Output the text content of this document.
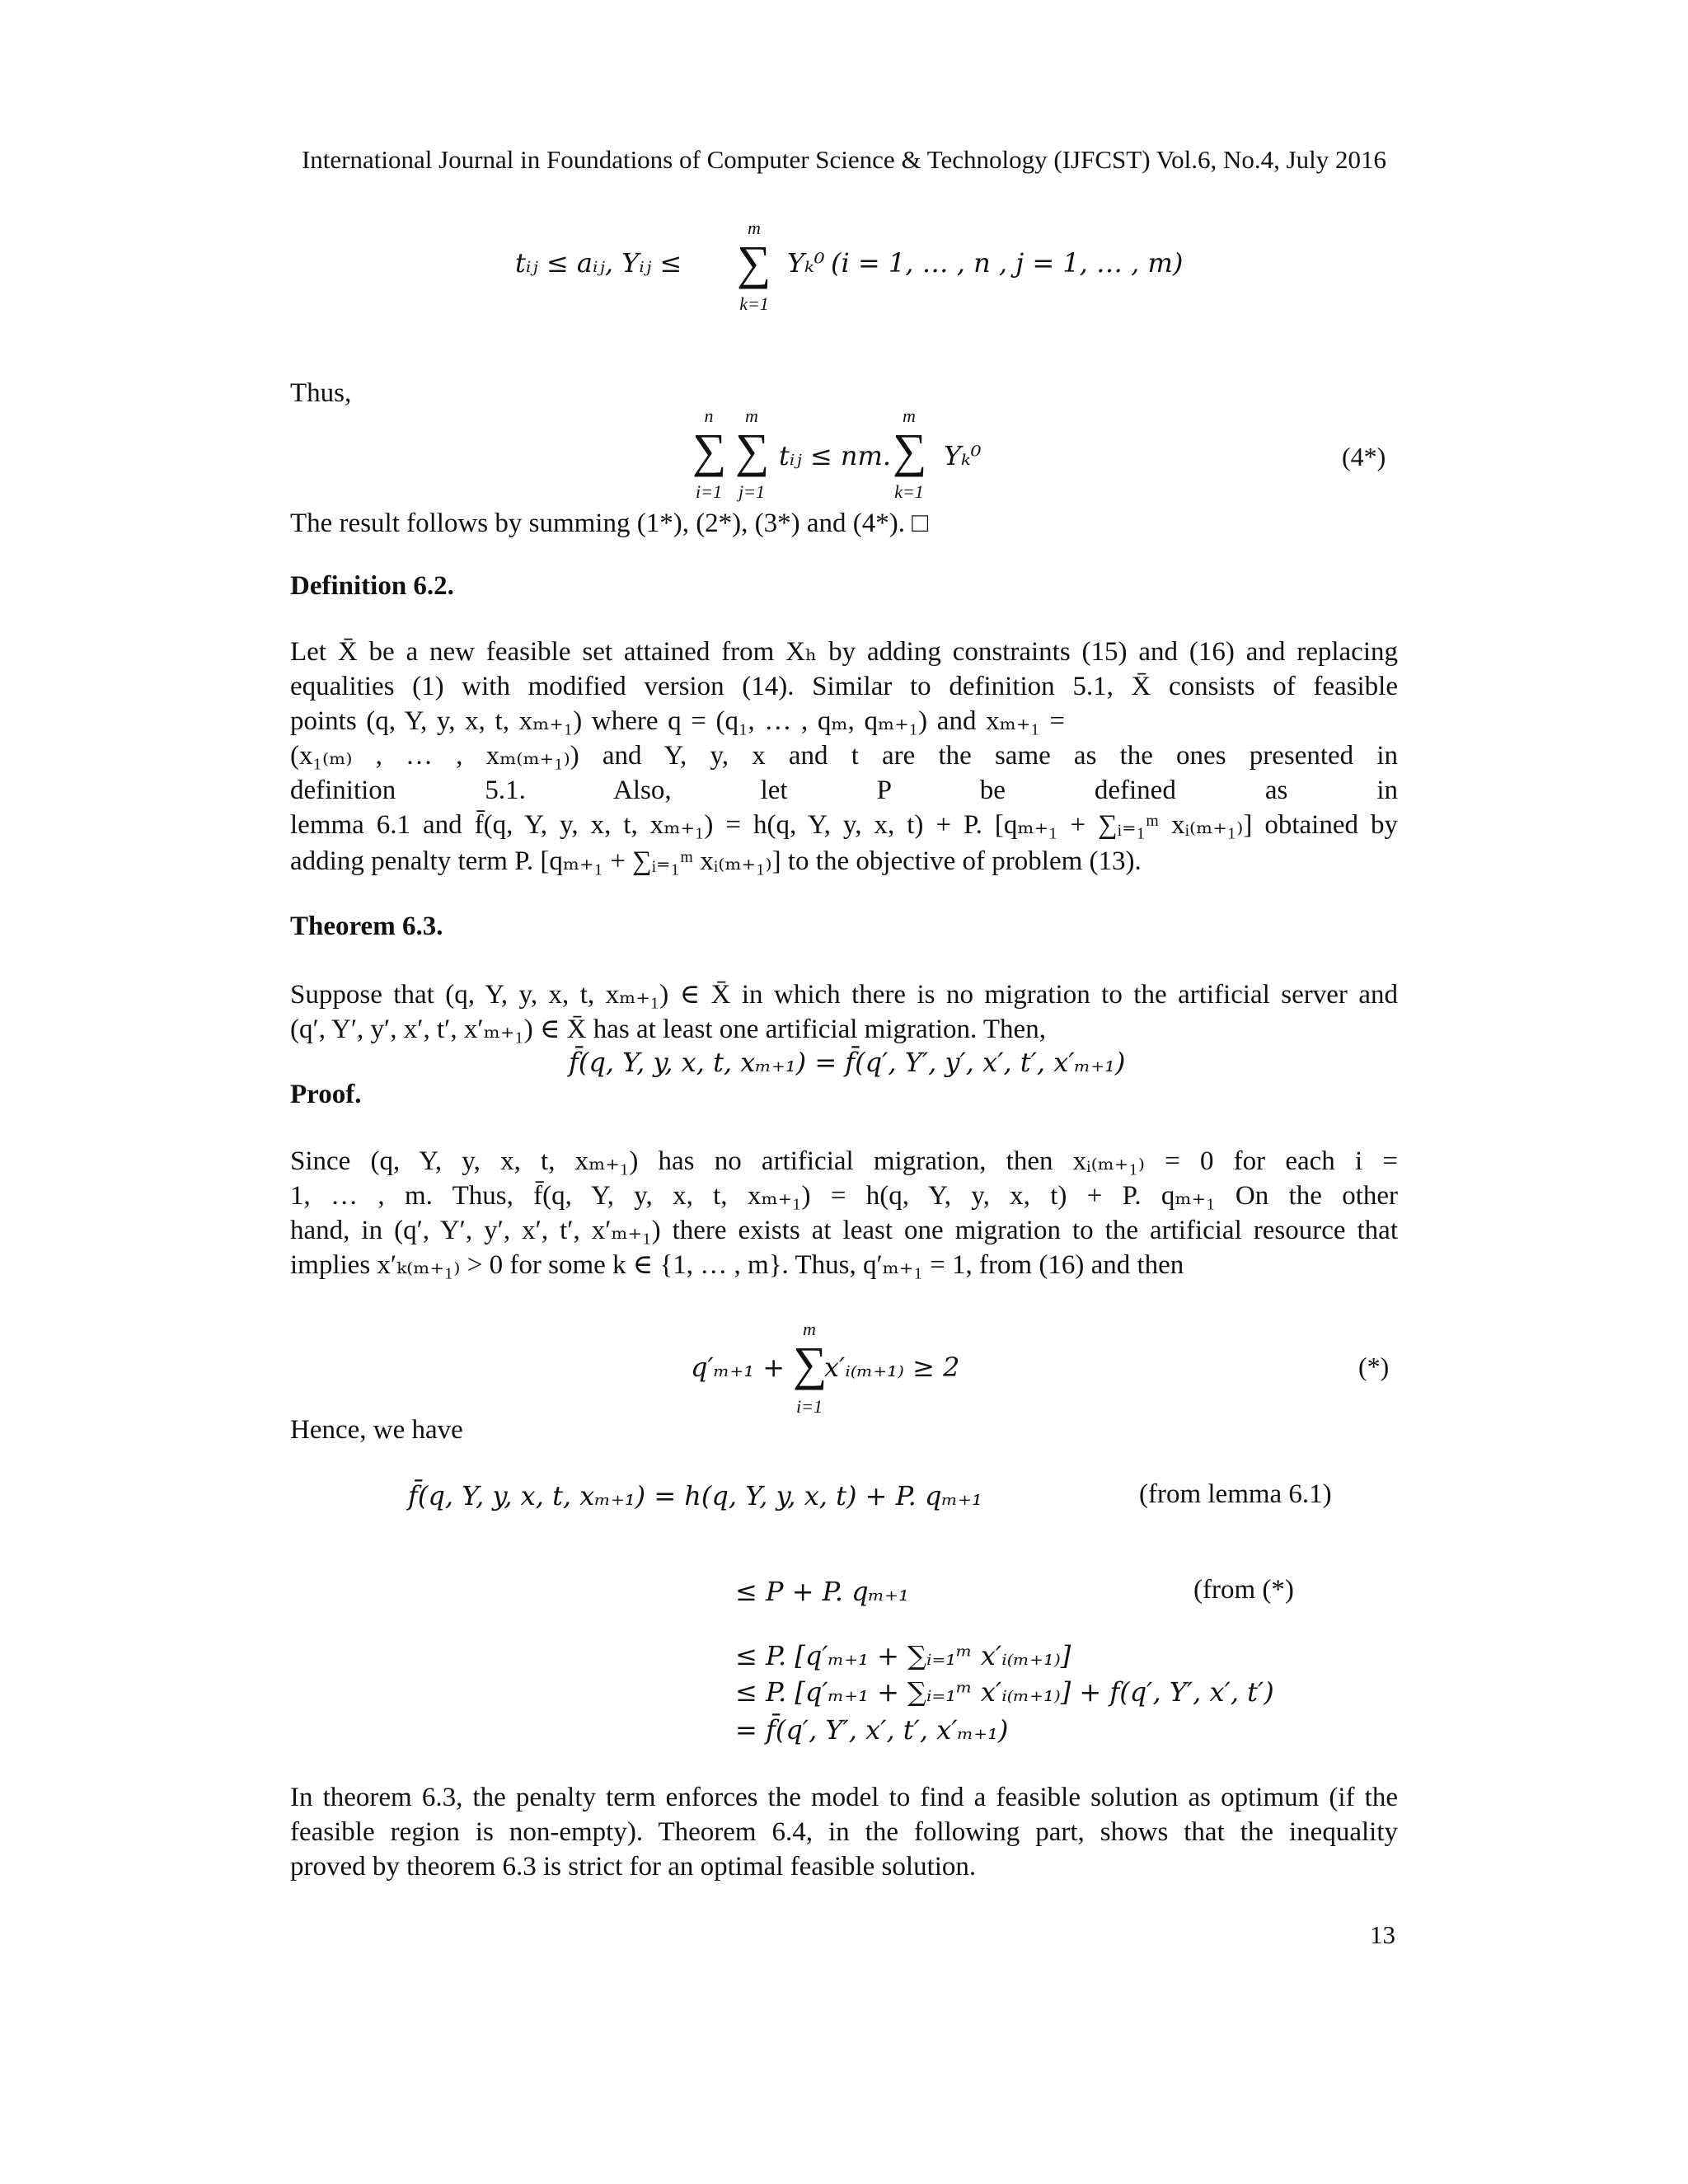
International Journal in Foundations of Computer Science & Technology (IJFCST) Vol.6, No.4, July 2016
tᵢⱼ ≤ aᵢⱼ, Yᵢⱼ ≤
m
∑
k=1
Yₖ⁰ (i = 1, … , n , j = 1, … , m)
Thus,
n
∑
i=1
m
∑
j=1
tᵢⱼ ≤ nm.
m
∑
k=1
Yₖ⁰	(4*)
The result follows by summing (1*), (2*), (3*) and (4*). □
Definition 6.2.
Let X̄ be a new feasible set attained from Xₕ by adding constraints (15) and (16) and replacing
equalities (1) with modified version (14). Similar to definition 5.1, X̄ consists of feasible
points (q, Y, y, x, t, xₘ₊₁) where q = (q₁, … , qₘ, qₘ₊₁) and xₘ₊₁ =
(x₁₍ₘ₎ , … , xₘ₍ₘ₊₁₎) and Y, y, x and t are the same as the ones presented in
definition 5.1. Also, let P be defined as in
lemma 6.1 and f̄(q, Y, y, x, t, xₘ₊₁) = h(q, Y, y, x, t) + P. [qₘ₊₁ + ∑ᵢ₌₁ᵐ xᵢ₍ₘ₊₁₎] obtained by
adding penalty term P. [qₘ₊₁ + ∑ᵢ₌₁ᵐ xᵢ₍ₘ₊₁₎] to the objective of problem (13).
Theorem 6.3.
Suppose that (q, Y, y, x, t, xₘ₊₁) ∈ X̄ in which there is no migration to the artificial server and
(q′, Y′, y′, x′, t′, x′ₘ₊₁) ∈ X̄ has at least one artificial migration. Then,
f̄(q, Y, y, x, t, xₘ₊₁) = f̄(q′, Y′, y′, x′, t′, x′ₘ₊₁)
Proof.
Since (q, Y, y, x, t, xₘ₊₁) has no artificial migration, then xᵢ₍ₘ₊₁₎ = 0 for each i =
1, … , m. Thus, f̄(q, Y, y, x, t, xₘ₊₁) = h(q, Y, y, x, t) + P. qₘ₊₁ On the other
hand, in (q′, Y′, y′, x′, t′, x′ₘ₊₁) there exists at least one migration to the artificial resource that
implies x′ₖ₍ₘ₊₁₎ > 0 for some k ∈ {1, … , m}. Thus, q′ₘ₊₁ = 1, from (16) and then
q′ₘ₊₁ +
m
∑
i=1
x′ᵢ₍ₘ₊₁₎ ≥ 2	(*)
Hence, we have
f̄(q, Y, y, x, t, xₘ₊₁) = h(q, Y, y, x, t) + P. qₘ₊₁	(from lemma 6.1)
≤ P + P. qₘ₊₁	(from (*)
≤ P. [q′ₘ₊₁ + ∑ᵢ₌₁ᵐ x′ᵢ₍ₘ₊₁₎]
≤ P. [q′ₘ₊₁ + ∑ᵢ₌₁ᵐ x′ᵢ₍ₘ₊₁₎] + f(q′, Y′, x′, t′)
= f̄(q′, Y′, x′, t′, x′ₘ₊₁)
In theorem 6.3, the penalty term enforces the model to find a feasible solution as optimum (if the
feasible region is non-empty). Theorem 6.4, in the following part, shows that the inequality
proved by theorem 6.3 is strict for an optimal feasible solution.
13
